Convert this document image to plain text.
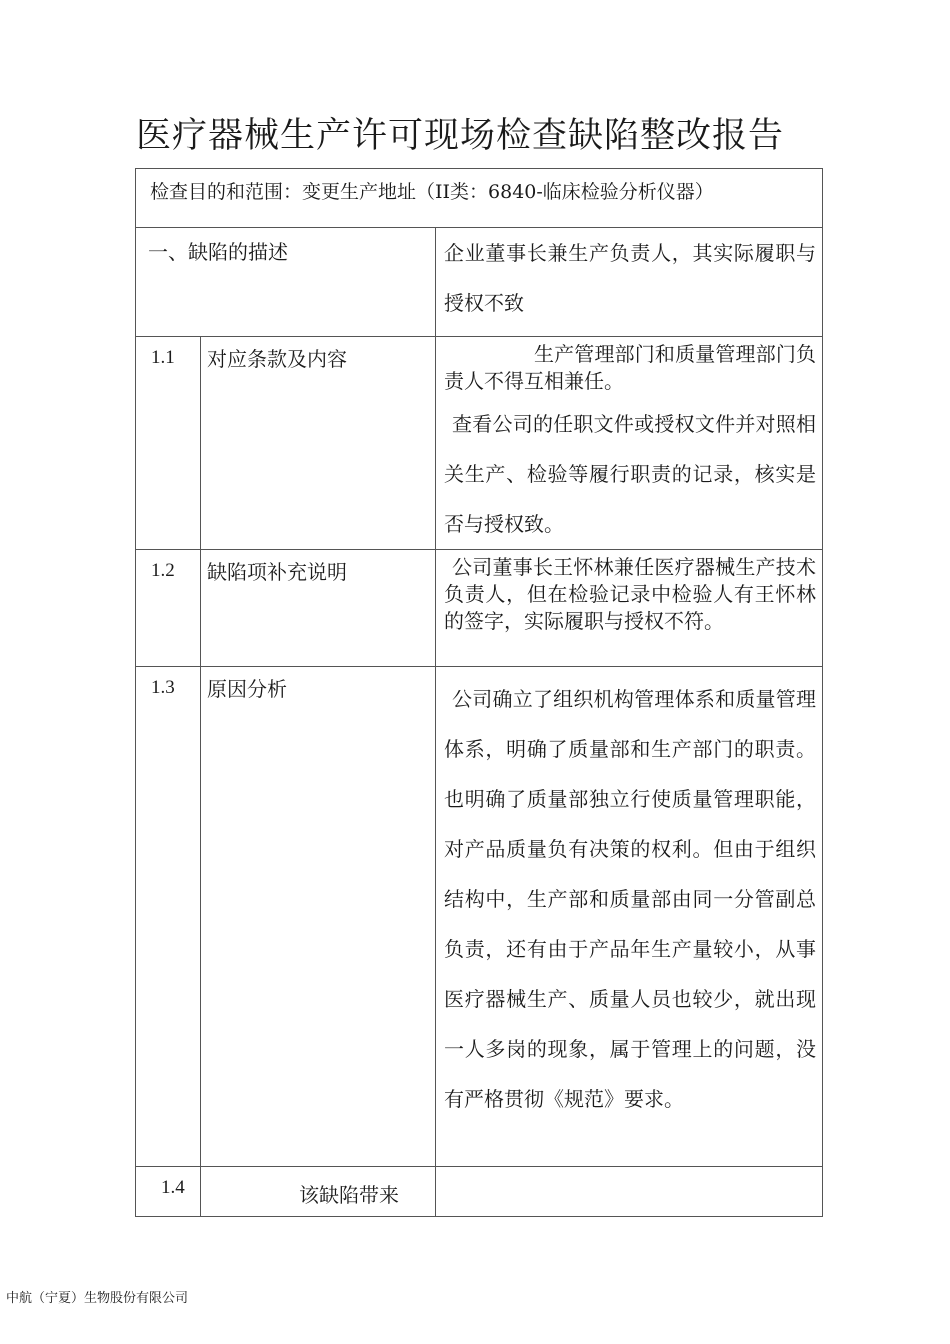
医疗器械生产许可现场检查缺陷整改报告
检查目的和范围：变更生产地址（II类：6840-临床检验分析仪器）		
一、缺陷的描述		企业董事长兼生产负责人，其实际履职与授权不致

1.1	对应条款及内容	生产管理部门和质量管理部门负责人不得互相兼任。

查看公司的任职文件或授权文件并对照相关生产、检验等履行职责的记录，核实是否与授权致。

1.2	缺陷项补充说明	公司董事长王怀林兼任医疗器械生产技术负责人，但在检验记录中检验人有王怀林的签字，实际履职与授权不符。

1.3	原因分析	公司确立了组织机构管理体系和质量管理体系，明确了质量部和生产部门的职责。也明确了质量部独立行使质量管理职能，对产品质量负有决策的权利。但由于组织结构中，生产部和质量部由同一分管副总负责，还有由于产品年生产量较小，从事医疗器械生产、质量人员也较少，就出现一人多岗的现象，属于管理上的问题，没有严格贯彻《规范》要求。

1.4	该缺陷带来	
中航（宁夏）生物股份有限公司
